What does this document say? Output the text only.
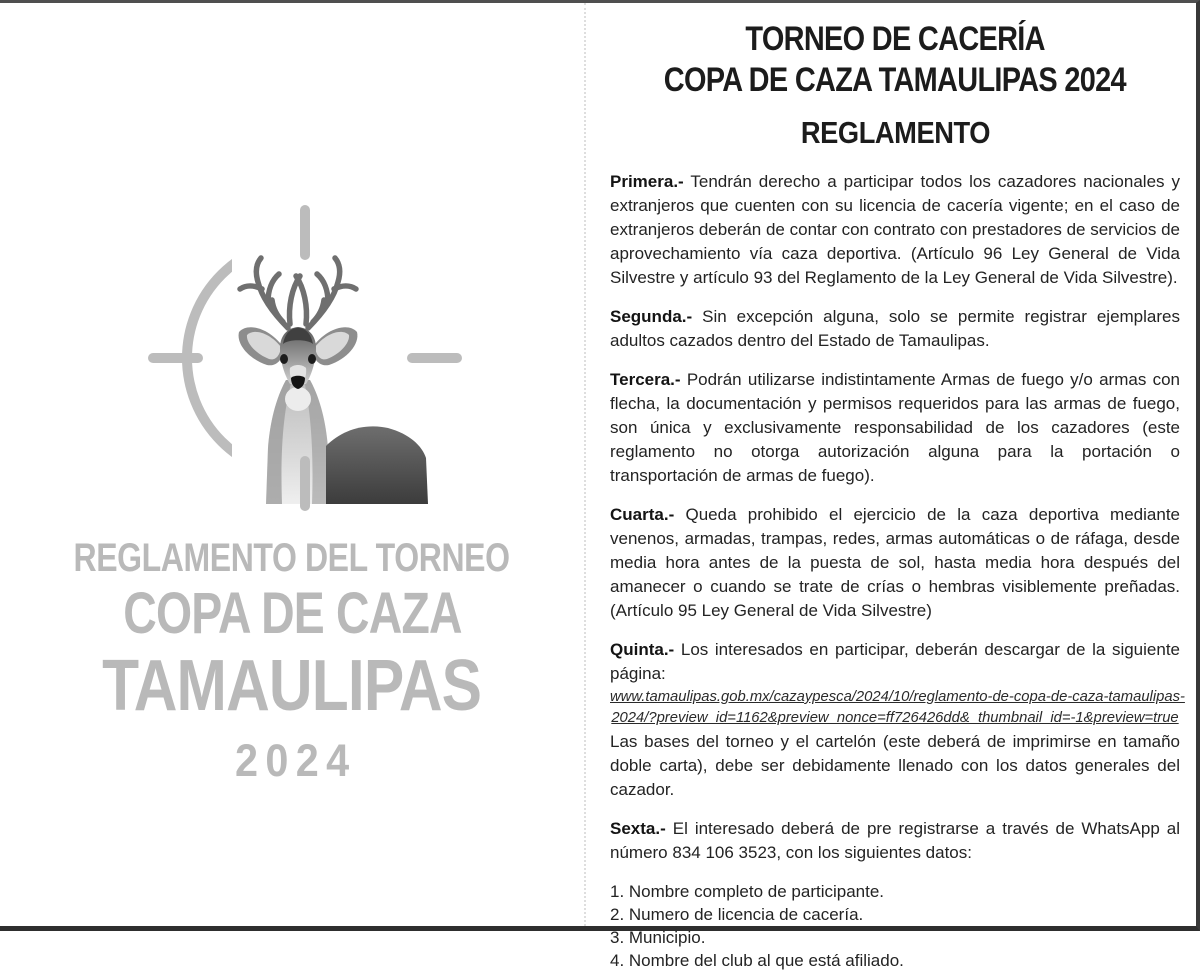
REGLAMENTO DEL TORNEO
COPA DE CAZA
TAMAULIPAS
2024
TORNEO DE CACERÍA
COPA DE CAZA TAMAULIPAS 2024
REGLAMENTO

Primera.- Tendrán derecho a participar todos los cazadores nacionales y extranjeros que cuenten con su licencia de cacería vigente; en el caso de extranjeros deberán de contar con contrato con prestadores de servicios de aprovechamiento vía caza deportiva. (Artículo 96 Ley General de Vida Silvestre y artículo 93 del Reglamento de la Ley General de Vida Silvestre).

Segunda.- Sin excepción alguna, solo se permite registrar ejemplares adultos cazados dentro del Estado de Tamaulipas.

Tercera.- Podrán utilizarse indistintamente Armas de fuego y/o armas con flecha, la documentación y permisos requeridos para las armas de fuego, son única y exclusivamente responsabilidad de los cazadores (este reglamento no otorga autorización alguna para la portación o transportación de armas de fuego).

Cuarta.- Queda prohibido el ejercicio de la caza deportiva mediante venenos, armadas, trampas, redes, armas automáticas o de ráfaga, desde media hora antes de la puesta de sol, hasta media hora después del amanecer o cuando se trate de crías o hembras visiblemente preñadas. (Artículo 95 Ley General de Vida Silvestre)

Quinta.- Los interesados en participar, deberán descargar de la siguiente página:

www.tamaulipas.gob.mx/cazaypesca/2024/10/reglamento-de-copa-de-caza-tamaulipas-
2024/?preview_id=1162&preview_nonce=ff726426dd&_thumbnail_id=-1&preview=true

Las bases del torneo y el cartelón (este deberá de imprimirse en tamaño doble carta), debe ser debidamente llenado con los datos generales del cazador.

Sexta.- El interesado deberá de pre registrarse a través de WhatsApp al número 834 106 3523, con los siguientes datos:

1. Nombre completo de participante.
2. Numero de licencia de cacería.
3. Municipio.
4. Nombre del club al que está afiliado.
